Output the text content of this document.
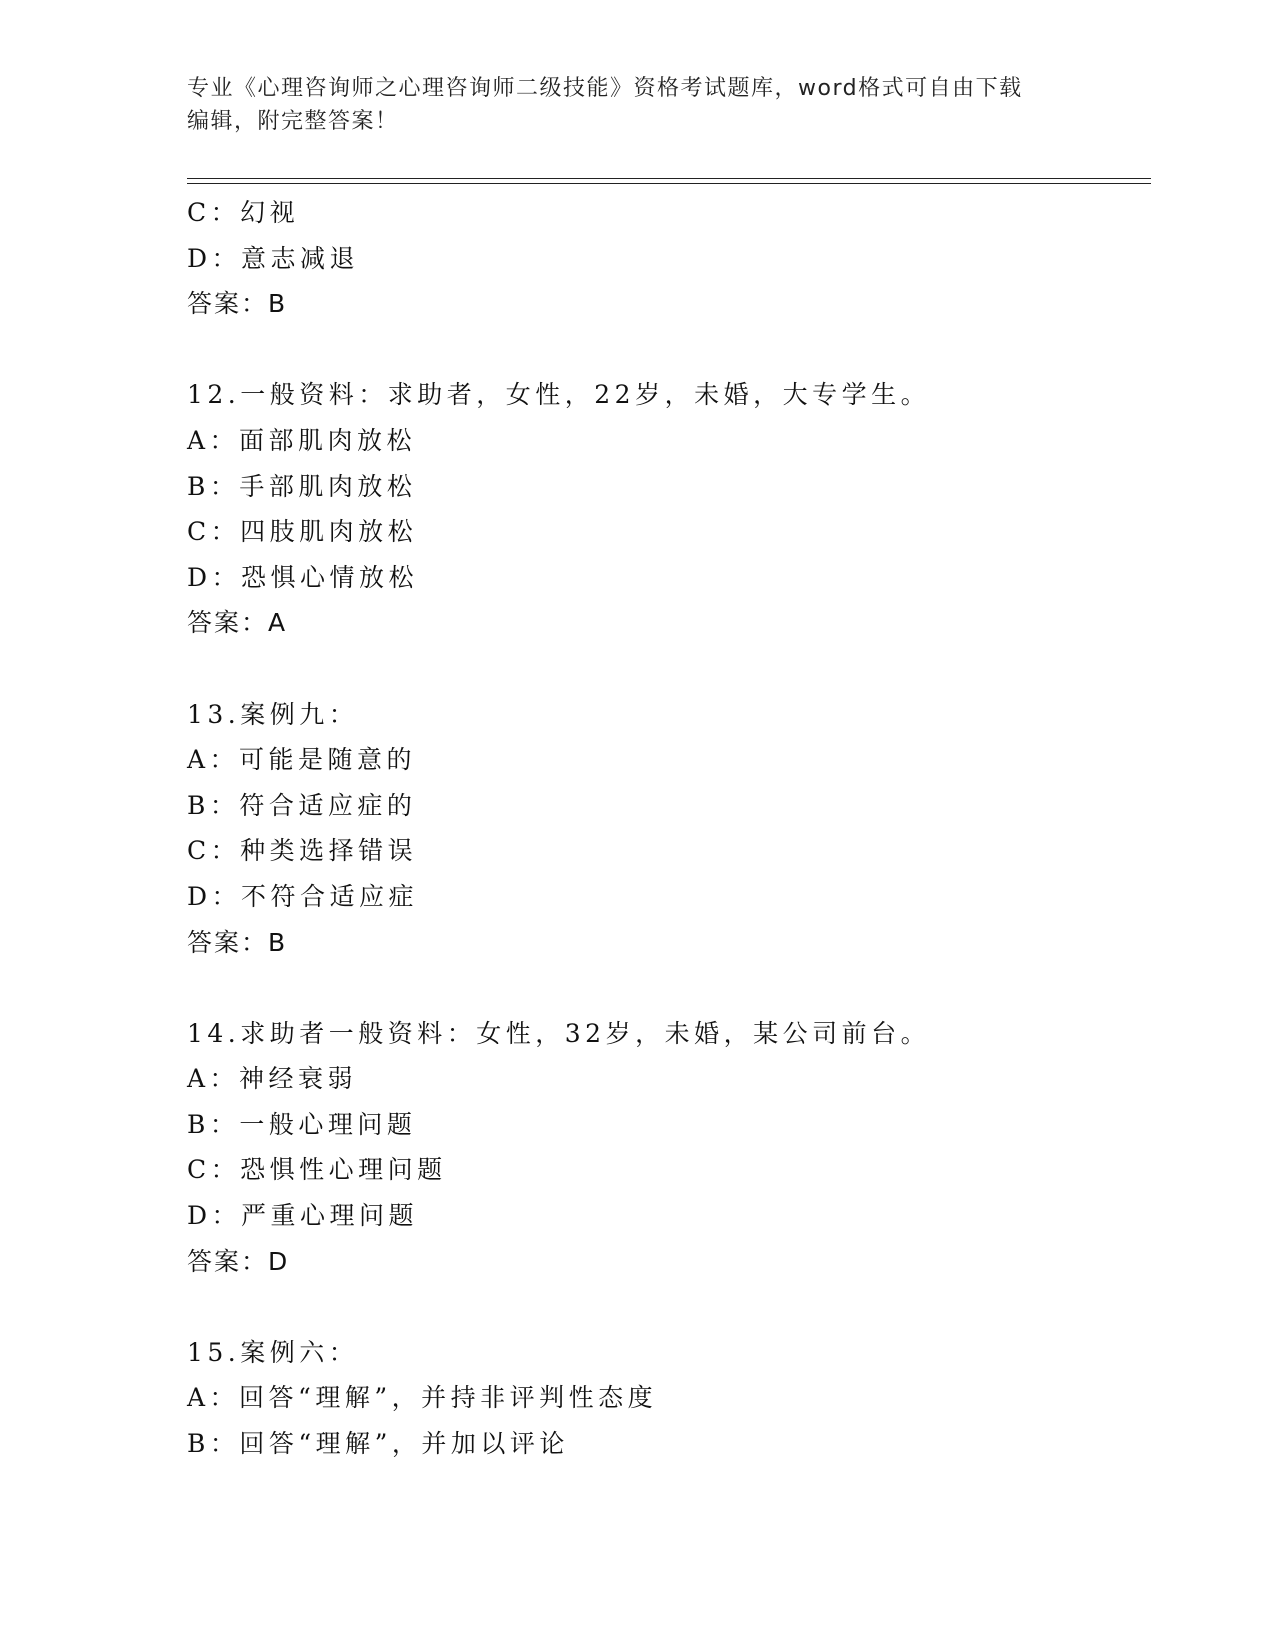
专业《心理咨询师之心理咨询师二级技能》资格考试题库，word格式可自由下载
编辑，附完整答案！
C：幻视
D：意志减退
答案：B
12.一般资料：求助者，女性，22岁，未婚，大专学生。
A：面部肌肉放松
B：手部肌肉放松
C：四肢肌肉放松
D：恐惧心情放松
答案：A
13.案例九：
A：可能是随意的
B：符合适应症的
C：种类选择错误
D：不符合适应症
答案：B
14.求助者一般资料：女性，32岁，未婚，某公司前台。
A：神经衰弱
B：一般心理问题
C：恐惧性心理问题
D：严重心理问题
答案：D
15.案例六：
A：回答“理解”，并持非评判性态度
B：回答“理解”，并加以评论
